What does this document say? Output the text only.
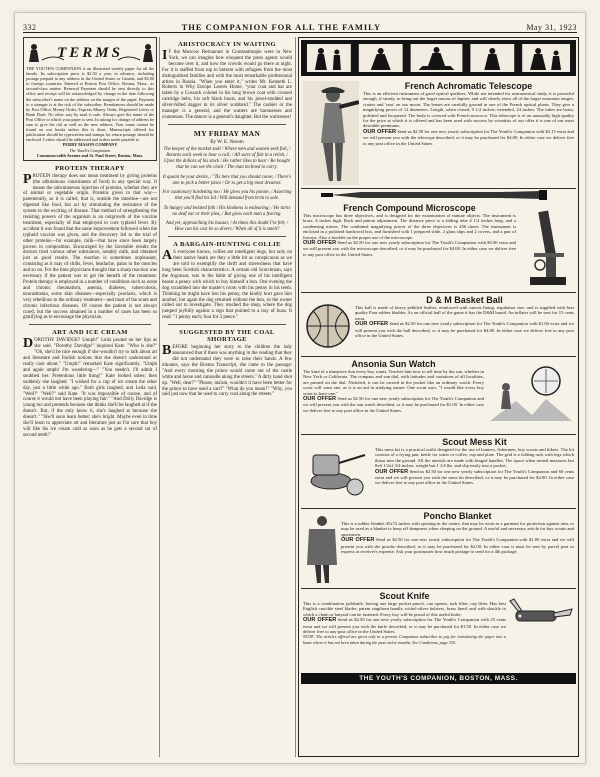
332	THE COMPANION FOR ALL THE FAMILY	May 31, 1923
TERMS

THE YOUTH'S COMPANION is an illustrated weekly paper for all the family. Its subscription price is $2.50 a year, in advance, including postage prepaid to any address in the United States or Canada, and $3.00 to foreign countries. Entered at Boston Post Office, Boston, Mass., as second-class matter. Renewal Payment should be sent directly to this office and receipt will be acknowledged by change in the date following the subscriber's name on the address on the margin of the paper. Payment to a stranger is at the risk of the subscriber. Remittances should be made by Post Office Money Order, Express Money Order, Registered Letter or Bank Draft. No other way by mail is safe. Always give the name of the Post Office to which your paper is sent. In asking for change of address be sure to give the old as well as the new address. Your name cannot be found on our books unless this is done. Manuscripts offered for publication should be typewritten and stamps for return postage should be enclosed. Letters should be addressed and orders made payable to

PERRY MASON COMPANY

The Youth's Companion

Commonwealth Avenue and St. Paul Street, Boston, Mass.

PROTEIN THERAPY

PROTEIN therapy does not mean treatment by giving proteins (the albuminous constituents of food) in any special way. It means the subcutaneous injection of proteins, whether they are of animal or vegetable origin. Proteins given in that way—parenterally, as it is called, that is, outside the intestine—are not digested like food, but act by stimulating the resistance of the system to the exciting of disease. That method of strengthening the resisting powers of the organism is an outgrowth of the vaccine treatment, especially of that employed to cure typhoid fever. By accident it was found that the same improvement followed when the typhoid vaccine was given, and the discovery led to the trial of other proteins—for example, milk—that have since been largely proven in composition. Encouraged by the favorable results the doctors tried various other substances, notably milk, and obtained just as good results. The reaction is sometimes unpleasant, consisting as it may of chills, fever, headache, pains in the muscles and so on. For the time physicians thought that a sharp reaction was necessary if the patient was to get the benefit of the treatment. Protein therapy is employed in a number of conditions such as acute and chronic rheumatism, anemia, diabetes, tuberculosis, neurasthenia, some skin diseases—especially psoriasis, which is very rebellious to the ordinary treatment—and most of the acute and chronic infectious diseases. Of course the patient is not always cured, but the success obtained in a number of cases has been so gratifying as to encourage the physician.

ART AND ICE CREAM

DOROTHY DAVIDGE? Uunph!" Leila pouted on her lips as she said. "Dorothy Davidge!" inquired Kate. "Who is she?" "Oh, she'd be nice enough if she wouldn't try to talk about art and literature and foolish notions that she doesn't understand or really care about." "Umph!" remarked Kate significantly. "Umph and again umph! I'm wondering—" "You needn't. I'll admit I snubbed her. Pretentious little thing!" Kate looked sober; then suddenly she laughed. "I wished for a cup of ice cream the other day, just a little while ago." Both girls laughed, and Leila said, "Well?" "Well?" said Kate. "It was impossible of course, and of course it would not have been playing fair." "And Dolly Davidge is young too and pretends because she thinks she'll be laughed at if she doesn't. But, if the only know it, she's laughed at because she doesn't." "She'll soon learn better; she's bright. Maybe even in time she'll learn to appreciate art and literature just as I'm sure that boy will like his ice cream cold as soon as he gets a second cut of second teeth!"

ARISTOCRACY IN WAITING

I F the Moscow Restaurant in Constantinople were in New York, we can imagine how eloquent the press agents would become over it, and how the crowds would go there at night. For it is staffed from top to bottom with refugees from the most distinguished families and with the most remarkable professional artists in Russia. "When you enter it," writes Mr. Kenneth L. Roberts in Why Europe Leaves Home, "your coat and hat are taken by a Cossack colonel in his long brown coat with crossed cartridge belts, his soft black boots, and his jewel-studded and silver-hilted dagger in its silver scabbard." The cashier or the manager is a general, and the waiters are baronesses and countesses. The dancer is a general's daughter. But the waitresses!

MY FRIDAY MAN
By W. E. Nesom

The keeper of the market stall / Where men and women seek fish, / Returns each week to hear a call; / All sorts of fish in a relish, / Upon the dollars of his stock / He rather likes to hear / Be bought that he can see the clock / The man inclined to carry.

It quaint be your desire, / "Tis here that you should come; / There's one to pick a better place / Or to get a big most dreamer.

For cautionary hardening too / He gives you his parole, / Asserting that you'll find his lid / Will demand from brim to sole.

To hungry and belated folk / His kindness is endearing; / He turns no deaf ear or their plea, / But gives each man a fearing.

And yet, approaching his bazaar, / At times this doubt I've felt; / How can his cost be so divers / When all of it is smelt?

A BARGAIN-HUNTING COLLIE

A S everyone knows, collies are intelligent dogs, but only on their native heath are they a little bit as conspicuous as we are told to exemplify the thrift and shrewdness that have long been Scottish characteristics. A certain old Scotchman, says the Argonaut, was in the habit of giving one of his intelligent beasts a penny with which to buy himself a bun. One evening the dog scrambled into the master's room with his penny in his teeth. Thinking he might have lost his penny, the kindly host gave him another, but again the dog returned without the bun, so the owner called out to investigate. They reached the shop, where the dog jumped joyfully against a sign that pointed to a tray of buns. It read: "1 penny each; four for 3 pence."

SUGGESTED BY THE COAL SHORTAGE

BEFORE beginning her story to the children the lady announced that if there was anything in the reading that they did not understand they were to raise their hands. A few minutes, says the Boston Transcript, she came to the passage: "And every morning the prince would come out of the castle white and horse and canoodle along the streets." A dirty hand shot up. "Well, dear?" "Please, ma'am, wouldn't it have been better for the prince to have used a cart?" "What do you mean?" "Why, you said just now that he used to carry coal along the streets."

French Achromatic Telescope

This is an efficient instrument of good optical qualities. While not intended for astronomical study, it is powerful enough, if steady, to bring out the larger moons of Jupiter, and will clearly show all of the larger mountain ranges, craters and 'seas' on our moon. The lenses are carefully ground in one of the French optical plants. They give a magnifying power of 12 diameters. Length, when closed, 9 1/2 inches; extended, 24 inches. The tubes are brass, polished and lacquered. The body is covered with French morocco. This telescope is of an unusually high quality for the price at which it is offered and has been used with success by scientists of our offer it is one of our most desirable premiums.

OUR OFFER Send us $2.50 for one new yearly subscription for The Youth's Companion with $2.15 extra and we will present you with the telescope described, or it may be purchased for $4.00. In either case we deliver free to any post office in the United States.

French Compound Microscope

This microscope has three objectives, and is designed for the examination of minute objects. The instrument is brass, 6 inches high. Rack and pinion adjustment. The distance piece is a sliding tube 4 1/2 inches long, and a condensing mirror. The combined magnifying power of the three objectives is 456 times. The instrument is enclosed in a polished hardwood box, and furnished with 1 prepared slide, 2 glass slips and 2 covers, and a pair of forceps. Also a booklet on the proper use of the microscope.

OUR OFFER Send us $2.50 for one new yearly subscription for The Youth's Companion with $3.00 extra and we will present you with the microscope described, or it may be purchased for $4.00. In either case we deliver free to any post office in the United States.

D & M Basket Ball

This ball is made of heavy pebbled leather, reinforced with canvas lining, regulation size, and is supplied with best quality Para rubber bladder. As an official ball of the game it has the D&M brand. An inflater will be sent for 15 cents extra.

OUR OFFER Send us $2.50 for one new yearly subscription for The Youth's Companion with $1.60 extra and we will present you with the ball described, or it may be purchased for $4.00. In either case we deliver free to any post office in the United States.

Ansonia Sun Watch

The kind of a timepiece that every boy wants. Teaches him how to tell time by the sun, whether in New York or California. The compass and sun dial, with latitudes and variations of all localities, are printed on the dial. Nickeled, it can be carried in the pocket like an ordinary watch. Every scout will want one, as it is an aid in studying nature. One scout says: "I would like every boy scout to have one."

OUR OFFER Send us $2.50 for one new yearly subscription for The Youth's Companion and we will present you with the sun watch described, or it may be purchased for $1.00. In either case we deliver free to any post office in the United States.

Scout Mess Kit

This mess kit is a practical outfit designed for the use of hunters, fishermen, boy scouts and hikers. The kit consists of a frying pan, kettle for water or coffee, cup and plate. The grid is a folding rack with legs which thrust into the ground. All the utensils are made with hinged handles. The space when nested measures but 8x6 1/2x2 3/4 inches, weight but 1 1/4 lbs. and slip easily into a pocket.

OUR OFFER Send us $2.50 for one new yearly subscription for The Youth's Companion and 60 cents extra and we will present you with the mess kit described, or it may be purchased for $2.00. In either case we deliver free to any post office in the United States.

Poncho Blanket

This is a rubber blanket 45x72 inches with opening in the centre, that may be worn as a garment for protection against rain, or may be used as a blanket to keep off dampness when sleeping on the ground. A useful and necessary article for boy scouts and sportsmen.

OUR OFFER Send us $2.50 for one new yearly subscription for The Youth's Companion with $1.00 extra and we will present you with the poncho described, or it may be purchased for $2.00. In either case it must be sent by parcel post or express at receiver's expense. Ask your postmaster how much postage to send for a 4lb package.

Scout Knife

This is a combination jackknife, having one large pocket punch, can opener, tack lifter, cap lifter. Has best English crucible steel blades, patent stagthorn handle, nickel-silver bolsters, brass lined, and with shackle to which a chain or lanyard can be fastened. Every boy will be proud of this useful knife.

OUR OFFER Send us $2.50 for one new yearly subscription for The Youth's Companion with 25 cents extra and we will present you with the knife described, or it may be purchased for $1.50. In either case we deliver free to any post office in the United States.

NOTE. The articles offered are given only to a present Companion subscriber to pay for introducing the paper into a home where it has not been taken during the past twelve months. See Conditions, page 330.

THE YOUTH'S COMPANION, BOSTON, MASS.
